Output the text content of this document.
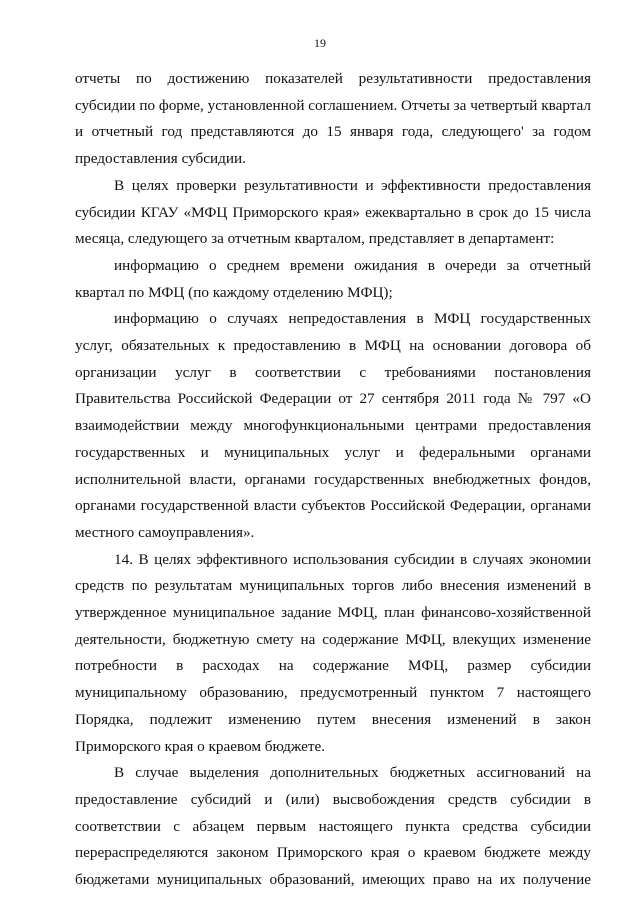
19

отчеты по достижению показателей результативности предоставления субсидии по форме, установленной соглашением. Отчеты за четвертый квартал и отчетный год представляются до 15 января года, следующего' за годом предоставления субсидии.

В целях проверки результативности и эффективности предоставления субсидии КГАУ «МФЦ Приморского края» ежеквартально в срок до 15 числа месяца, следующего за отчетным кварталом, представляет в департамент:

информацию о среднем времени ожидания в очереди за отчетный квартал по МФЦ (по каждому отделению МФЦ);

информацию о случаях непредоставления в МФЦ государственных услуг, обязательных к предоставлению в МФЦ на основании договора об организации услуг в соответствии с требованиями постановления Правительства Российской Федерации от 27 сентября 2011 года № 797 «О взаимодействии между многофункциональными центрами предоставления государственных и муниципальных услуг и федеральными органами исполнительной власти, органами государственных внебюджетных фондов, органами государственной власти субъектов Российской Федерации, органами местного самоуправления».

14. В целях эффективного использования субсидии в случаях экономии средств по результатам муниципальных торгов либо внесения изменений в утвержденное муниципальное задание МФЦ, план финансово-хозяйственной деятельности, бюджетную смету на содержание МФЦ, влекущих изменение потребности в расходах на содержание МФЦ, размер субсидии муниципальному образованию, предусмотренный пунктом 7 настоящего Порядка, подлежит изменению путем внесения изменений в закон Приморского края о краевом бюджете.

В случае выделения дополнительных бюджетных ассигнований на предоставление субсидий и (или) высвобождения средств субсидии в соответствии с абзацем первым настоящего пункта средства субсидии перераспределяются законом Приморского края о краевом бюджете между бюджетами муниципальных образований, имеющих право на их получение
